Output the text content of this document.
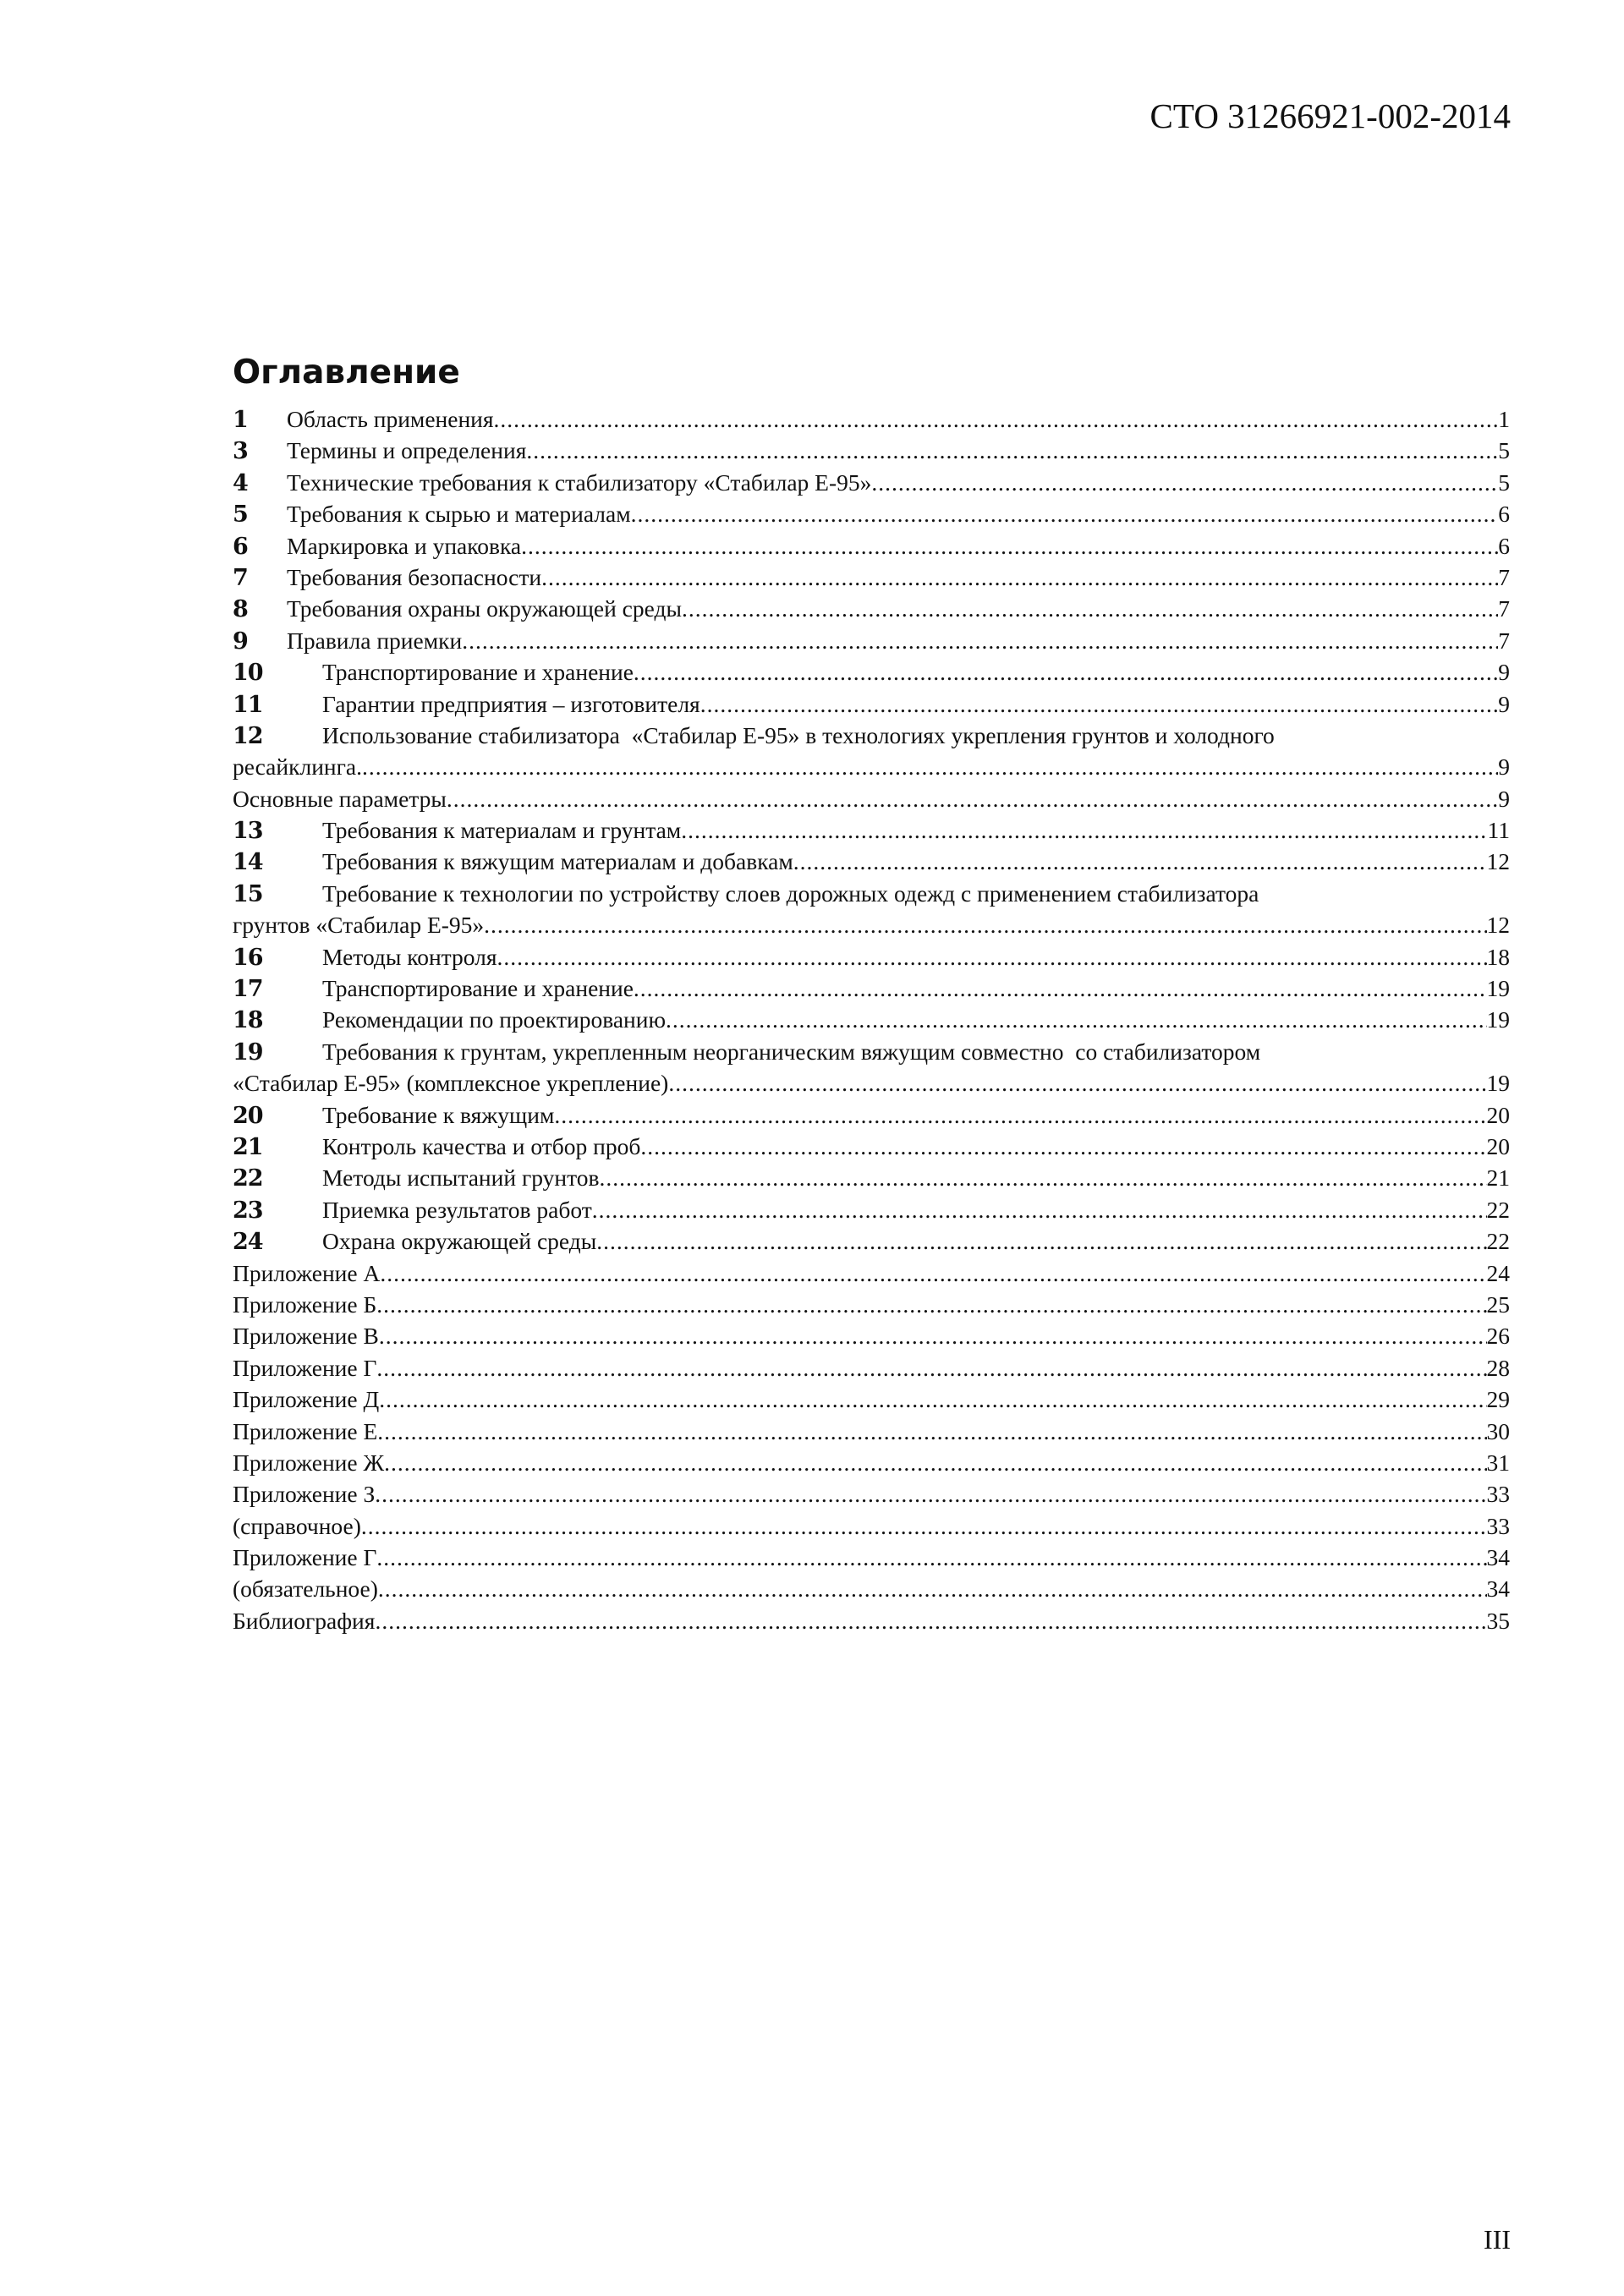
СТО 31266921-002-2014
Оглавление
1	Область применения .....	1
3	Термины и определения .....	5
4	Технические требования к стабилизатору «Стабилар Е-95» .....	5
5	Требования к сырью и материалам .....	6
6	Маркировка и упаковка .....	6
7	Требования безопасности .....	7
8	Требования охраны окружающей среды .....	7
9	Правила приемки .....	7
10	Транспортирование и хранение .....	9
11	Гарантии предприятия – изготовителя .....	9
12	Использование стабилизатора  «Стабилар Е-95» в технологиях укрепления грунтов и холодного
ресайклинга. .....	9
Основные параметры .....	9
13	Требования к материалам и грунтам .....	11
14	Требования к вяжущим материалам и добавкам .....	12
15	Требование к технологии по устройству слоев дорожных одежд с применением стабилизатора
грунтов «Стабилар Е-95» .....	12
16	Методы контроля .....	18
17	Транспортирование и хранение .....	19
18	Рекомендации по проектированию .....	19
19	Требования к грунтам, укрепленным неорганическим вяжущим совместно  со стабилизатором
«Стабилар Е-95» (комплексное укрепление) .....	19
20	Требование к вяжущим .....	20
21	Контроль качества и отбор проб .....	20
22	Методы испытаний грунтов .....	21
23	Приемка результатов работ .....	22
24	Охрана окружающей среды .....	22
Приложение А .....	24
Приложение Б .....	25
Приложение В .....	26
Приложение Г .....	28
Приложение Д .....	29
Приложение Е .....	30
Приложение Ж .....	31
Приложение З .....	33
(справочное) .....	33
Приложение Г .....	34
(обязательное) .....	34
Библиография .....	35
III
